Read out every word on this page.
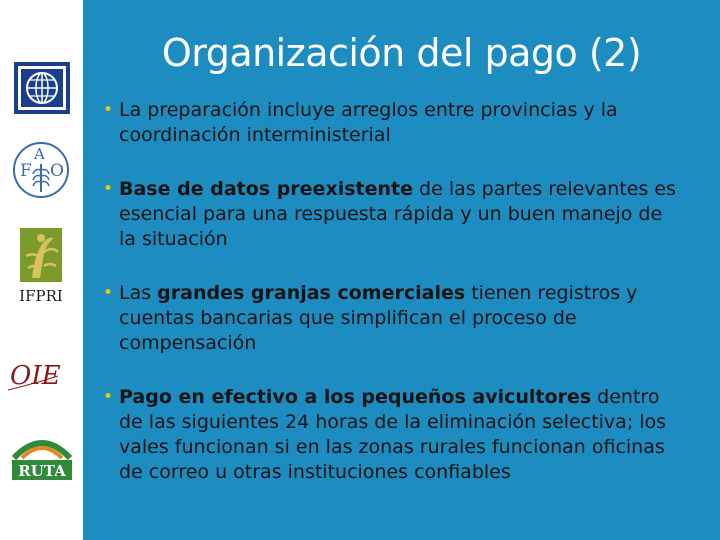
F
A
O
IFPRI
OIE
RUTA
Organización del pago (2)
• La preparación incluye arreglos entre provincias y la coordinación interministerial
• Base de datos preexistente de las partes relevantes es esencial para una respuesta rápida y un buen manejo de la situación
• Las grandes granjas comerciales tienen registros y cuentas bancarias que simplifican el proceso de compensación
• Pago en efectivo a los pequeños avicultores dentro de las siguientes 24 horas de la eliminación selectiva; los vales funcionan si en las zonas rurales funcionan oficinas de correo u otras instituciones confiables
